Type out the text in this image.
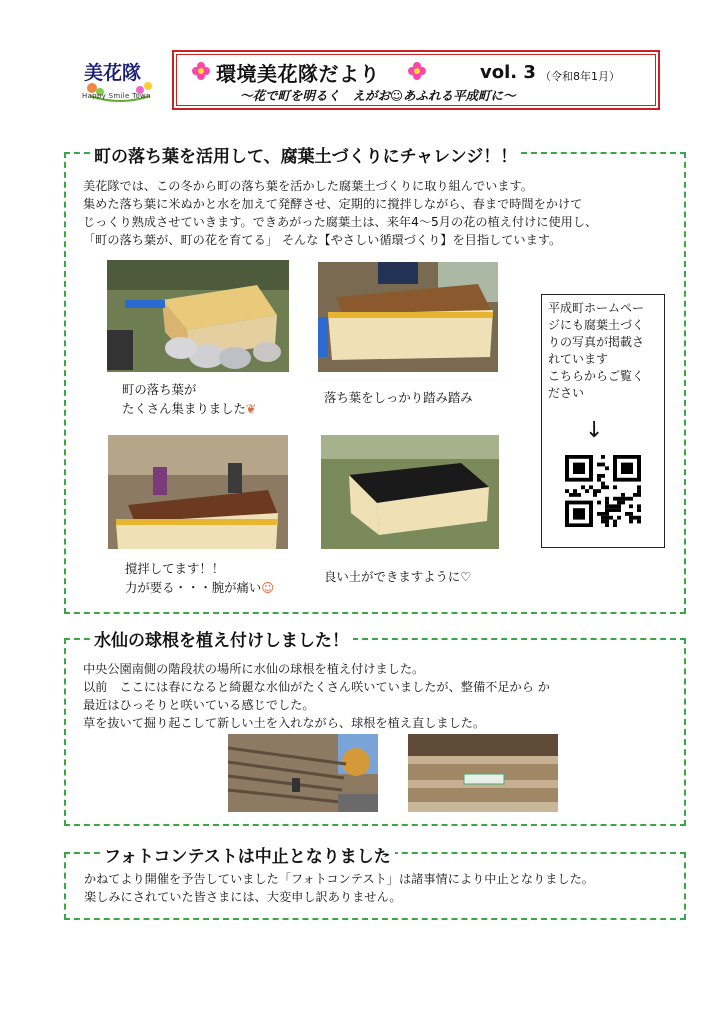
美花隊
Happy Smile Town
環境美花隊だより	vol. 3 （令和8年1月）
〜花で町を明るく　えがお☺あふれる平成町に〜
町の落ち葉を活用して、腐葉土づくりにチャレンジ！！
美花隊では、この冬から町の落ち葉を活かした腐葉土づくりに取り組んでいます。
集めた落ち葉に米ぬかと水を加えて発酵させ、定期的に撹拌しながら、春まで時間をかけて
じっくり熟成させていきます。できあがった腐葉土は、来年4〜5月の花の植え付けに使用し、
「町の落ち葉が、町の花を育てる」 そんな【やさしい循環づくり】を目指しています。
町の落ち葉が
たくさん集まりました❦
落ち葉をしっかり踏み踏み
撹拌してます！！
力が要る・・・腕が痛い☺
良い土ができますように♡
平成町ホームペー
ジにも腐葉土づく
りの写真が掲載さ
れています
こちらからご覧く
ださい
↓
水仙の球根を植え付けしました！
中央公園南側の階段状の場所に水仙の球根を植え付けました。
以前　ここには春になると綺麗な水仙がたくさん咲いていましたが、整備不足から か
最近はひっそりと咲いている感じでした。
草を抜いて掘り起こして新しい土を入れながら、球根を植え直しました。
フォトコンテストは中止となりました
かねてより開催を予告していました「フォトコンテスト」は諸事情により中止となりました。
楽しみにされていた皆さまには、大変申し訳ありません。
